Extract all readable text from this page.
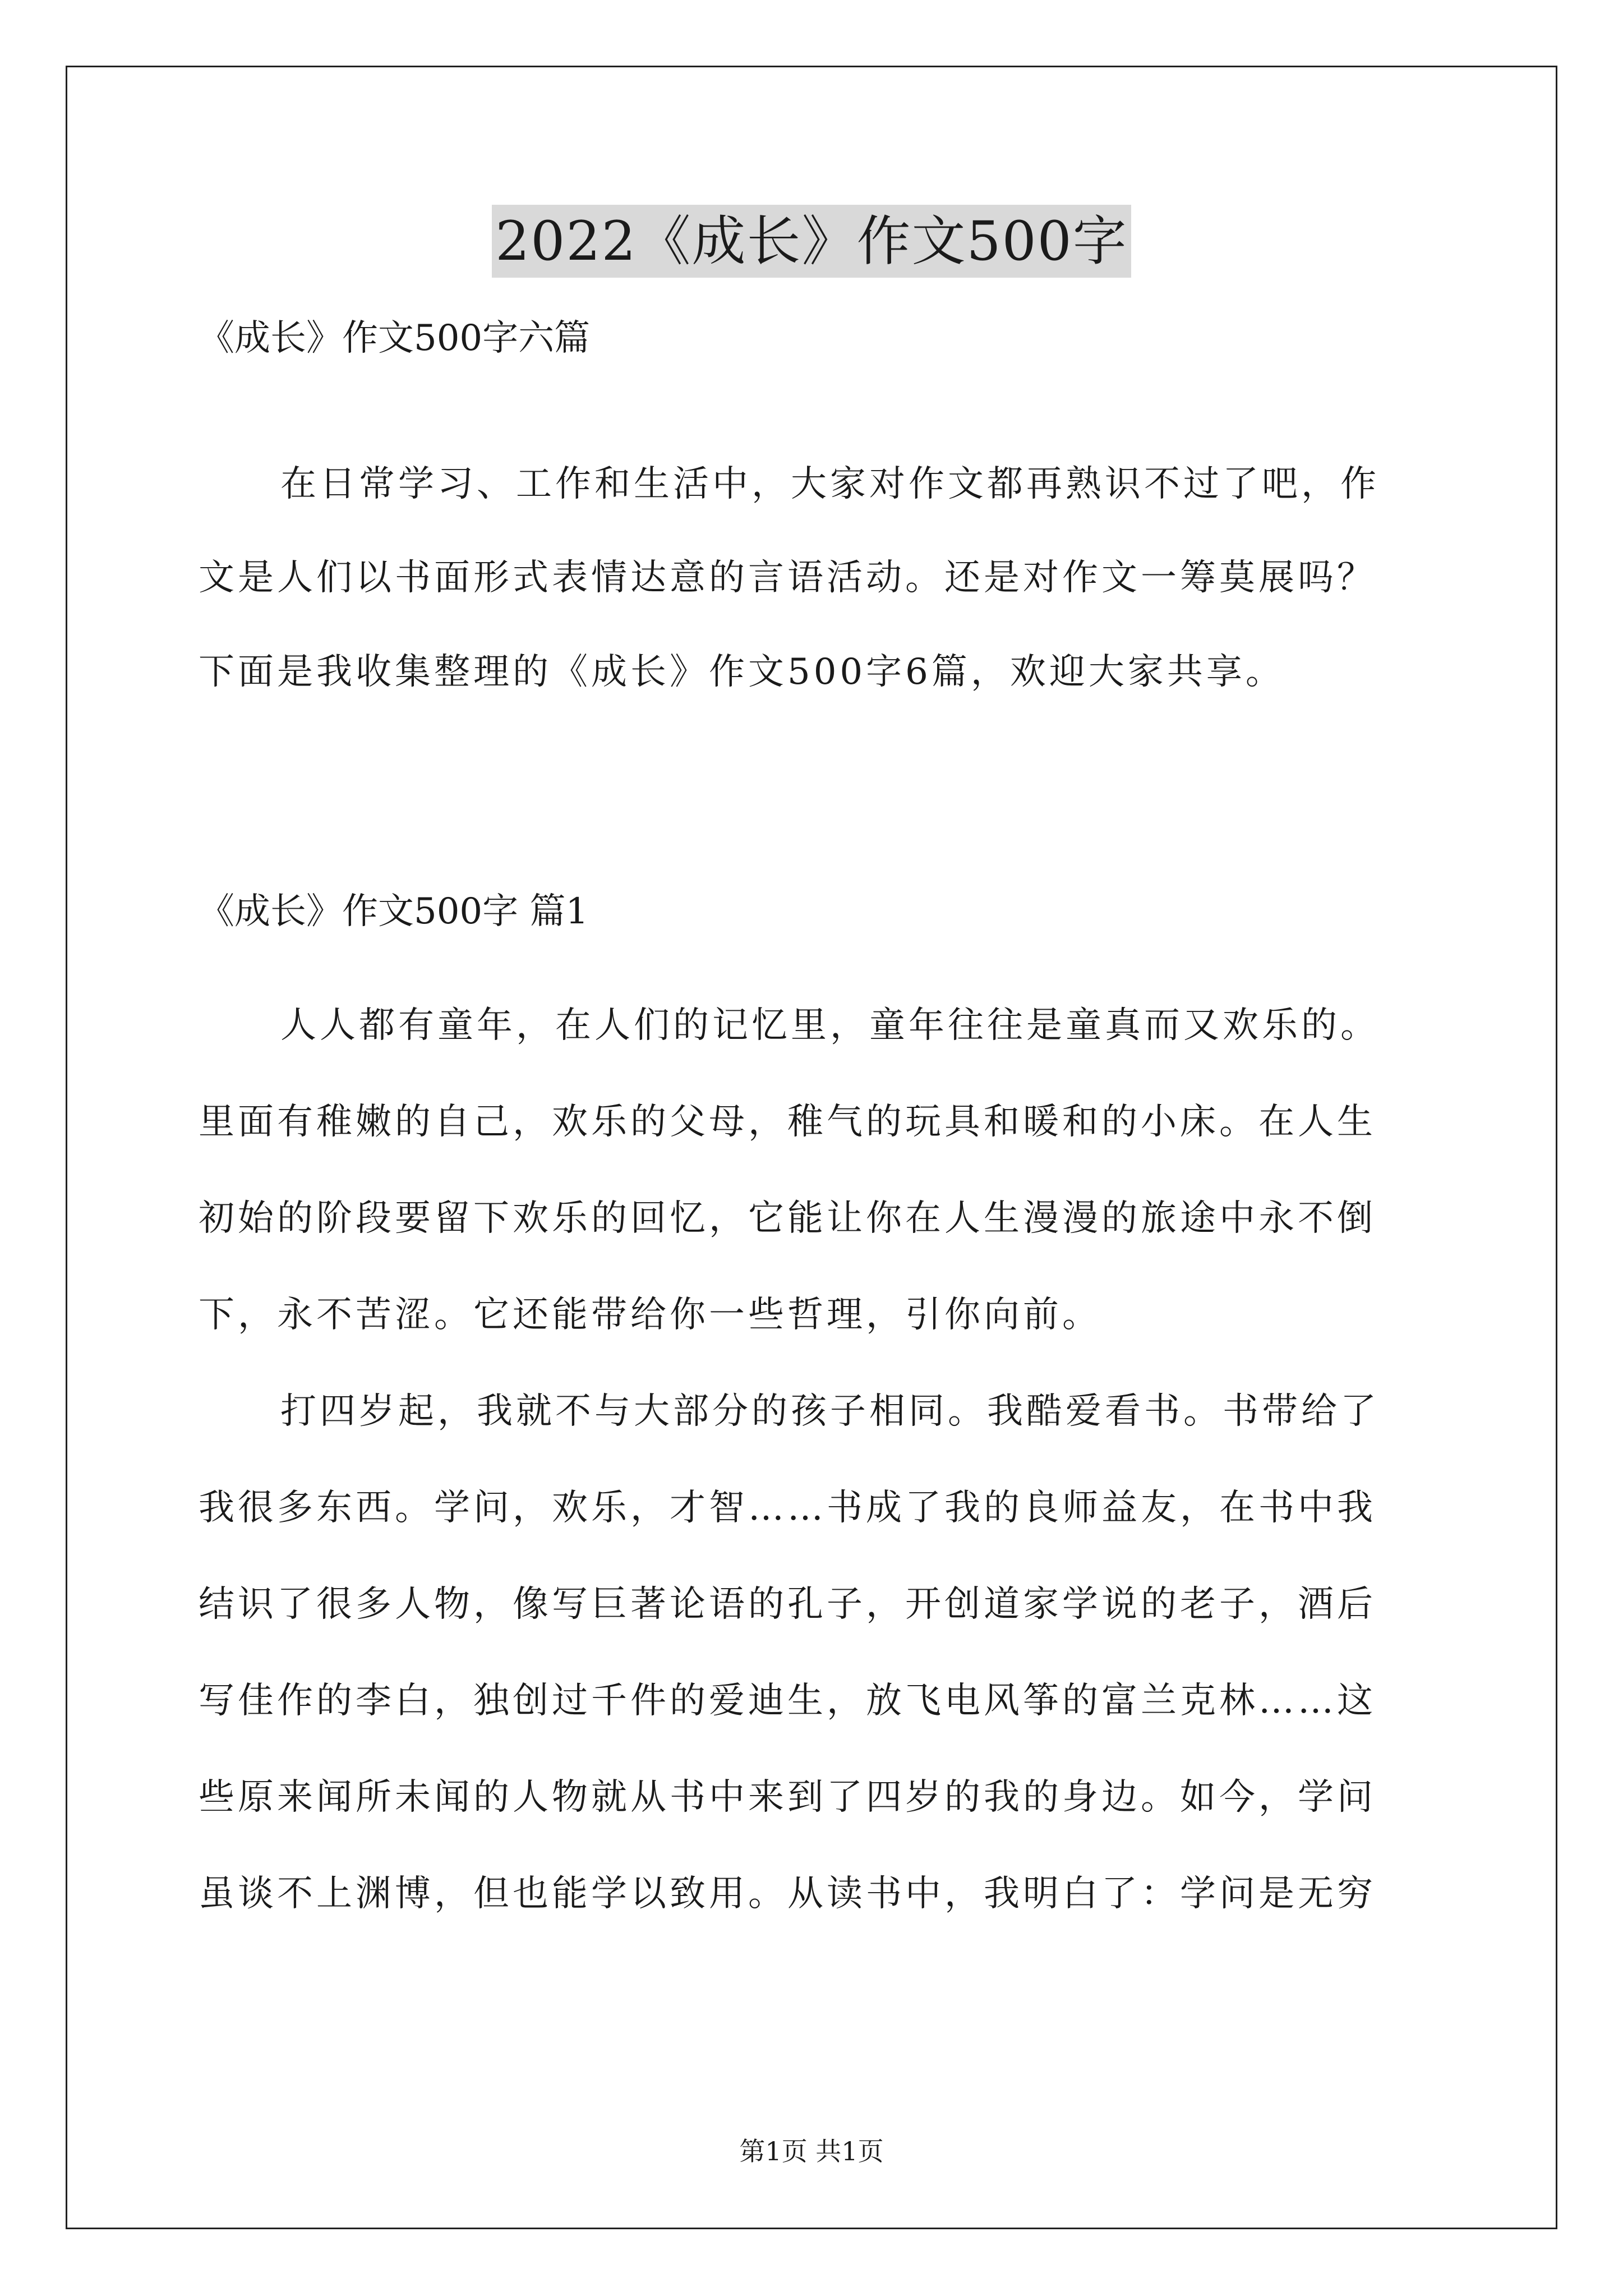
2022《成长》作文500字
《成长》作文500字六篇
在日常学习、工作和生活中，大家对作文都再熟识不过了吧，作
文是人们以书面形式表情达意的言语活动。还是对作文一筹莫展吗？
下面是我收集整理的《成长》作文500字6篇，欢迎大家共享。
《成长》作文500字 篇1
人人都有童年，在人们的记忆里，童年往往是童真而又欢乐的。
里面有稚嫩的自己，欢乐的父母，稚气的玩具和暖和的小床。在人生
初始的阶段要留下欢乐的回忆，它能让你在人生漫漫的旅途中永不倒
下，永不苦涩。它还能带给你一些哲理，引你向前。
打四岁起，我就不与大部分的孩子相同。我酷爱看书。书带给了
我很多东西。学问，欢乐，才智……书成了我的良师益友，在书中我
结识了很多人物，像写巨著论语的孔子，开创道家学说的老子，酒后
写佳作的李白，独创过千件的爱迪生，放飞电风筝的富兰克林……这
些原来闻所未闻的人物就从书中来到了四岁的我的身边。如今，学问
虽谈不上渊博，但也能学以致用。从读书中，我明白了：学问是无穷
第1页 共1页
